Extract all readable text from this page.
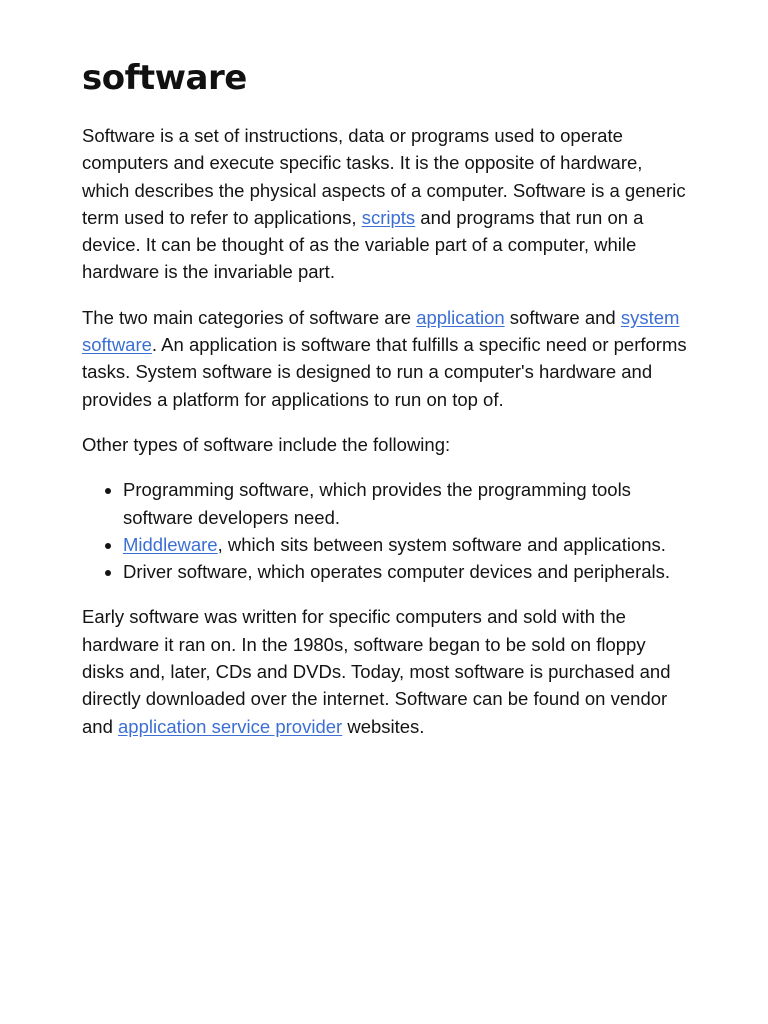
software

Software is a set of instructions, data or programs used to operate computers and execute specific tasks. It is the opposite of hardware, which describes the physical aspects of a computer. Software is a generic term used to refer to applications, scripts and programs that run on a device. It can be thought of as the variable part of a computer, while hardware is the invariable part.

The two main categories of software are application software and system software. An application is software that fulfills a specific need or performs tasks. System software is designed to run a computer's hardware and provides a platform for applications to run on top of.

Other types of software include the following:

• Programming software, which provides the programming tools software developers need.
• Middleware, which sits between system software and applications.
• Driver software, which operates computer devices and peripherals.

Early software was written for specific computers and sold with the hardware it ran on. In the 1980s, software began to be sold on floppy disks and, later, CDs and DVDs. Today, most software is purchased and directly downloaded over the internet. Software can be found on vendor and application service provider websites.
